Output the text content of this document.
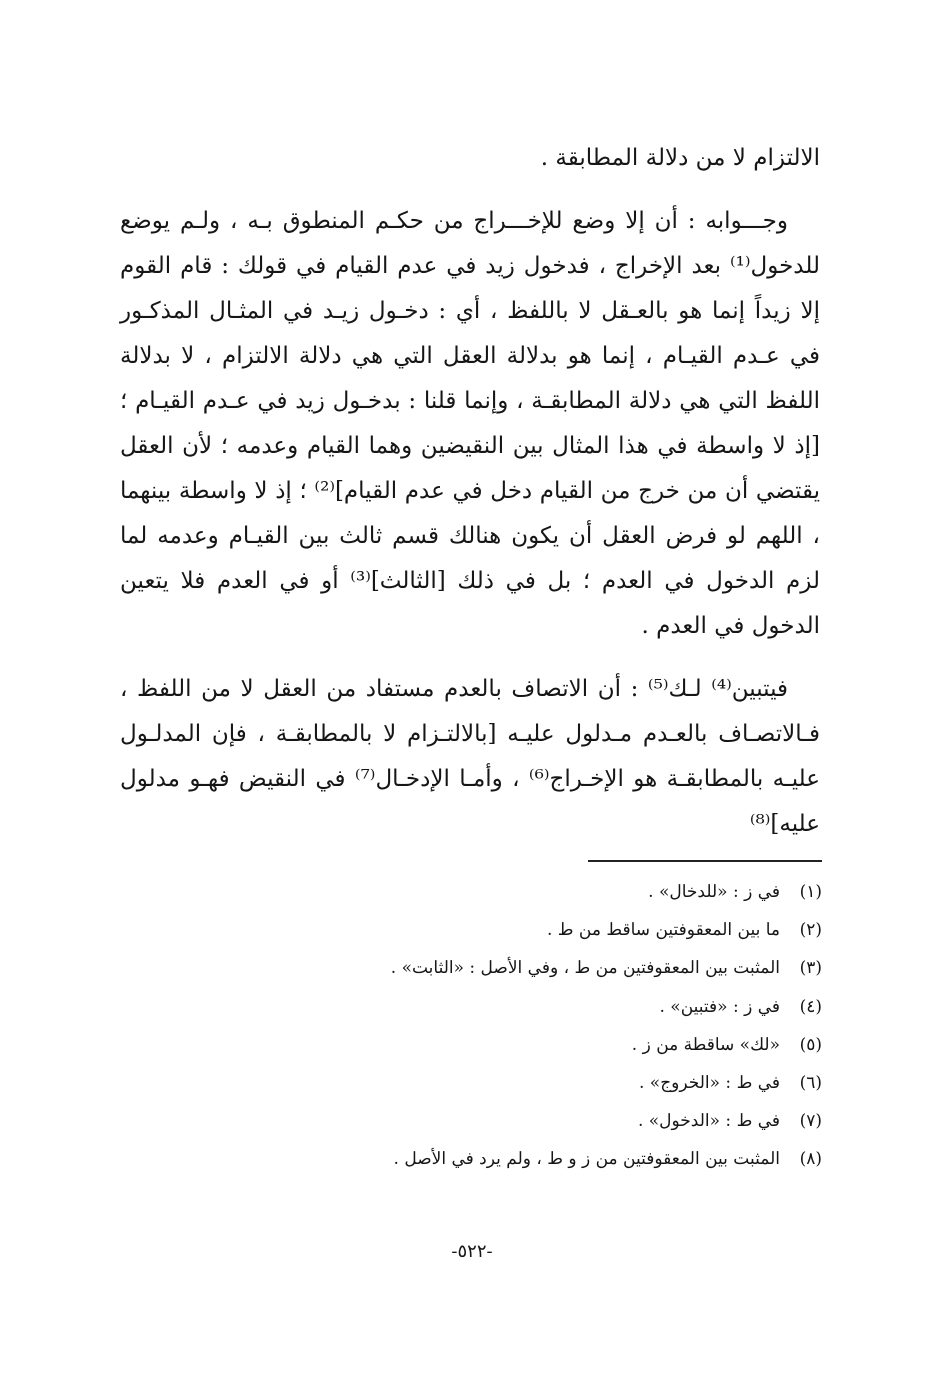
الالتزام لا من دلالة المطابقة .

وجـــوابه : أن إلا وضع للإخـــراج من حكـم المنطوق بـه ، ولـم يوضع للدخول⁽¹⁾ بعد الإخراج ، فدخول زيد في عدم القيام في قولك : قام القوم إلا زيداً إنما هو بالعـقل لا باللفظ ، أي : دخـول زيـد في المثـال المذكـور في عـدم القيـام ، إنما هو بدلالة العقل التي هي دلالة الالتزام ، لا بدلالة اللفظ التي هي دلالة المطابقـة ، وإنما قلنا : بدخـول زيد في عـدم القيـام ؛ [إذ لا واسطة في هذا المثال بين النقيضين وهما القيام وعدمه ؛ لأن العقل يقتضي أن من خرج من القيام دخل في عدم القيام]⁽²⁾ ؛ إذ لا واسطة بينهما ، اللهم لو فرض العقل أن يكون هنالك قسم ثالث بين القيـام وعدمه لما لزم الدخول في العدم ؛ بل في ذلك [الثالث]⁽³⁾ أو في العدم فلا يتعين الدخول في العدم .

فيتبين⁽⁴⁾ لـك⁽⁵⁾ : أن الاتصاف بالعدم مستفاد من العقل لا من اللفظ ، فـالاتصـاف بالعـدم مـدلول عليـه [بالالتـزام لا بالمطابقـة ، فإن المدلـول عليـه بالمطابقـة هو الإخـراج⁽⁶⁾ ، وأمـا الإدخـال⁽⁷⁾ في النقيض فهـو مدلول عليه]⁽⁸⁾

(١)في ز : «للدخال» .
(٢)ما بين المعقوفتين ساقط من ط .
(٣)المثبت بين المعقوفتين من ط ، وفي الأصل : «الثابت» .
(٤)في ز : «فتبين» .
(٥)«لك» ساقطة من ز .
(٦)في ط : «الخروج» .
(٧)في ط : «الدخول» .
(٨)المثبت بين المعقوفتين من ز و ط ، ولم يرد في الأصل .
-٥٢٢-
